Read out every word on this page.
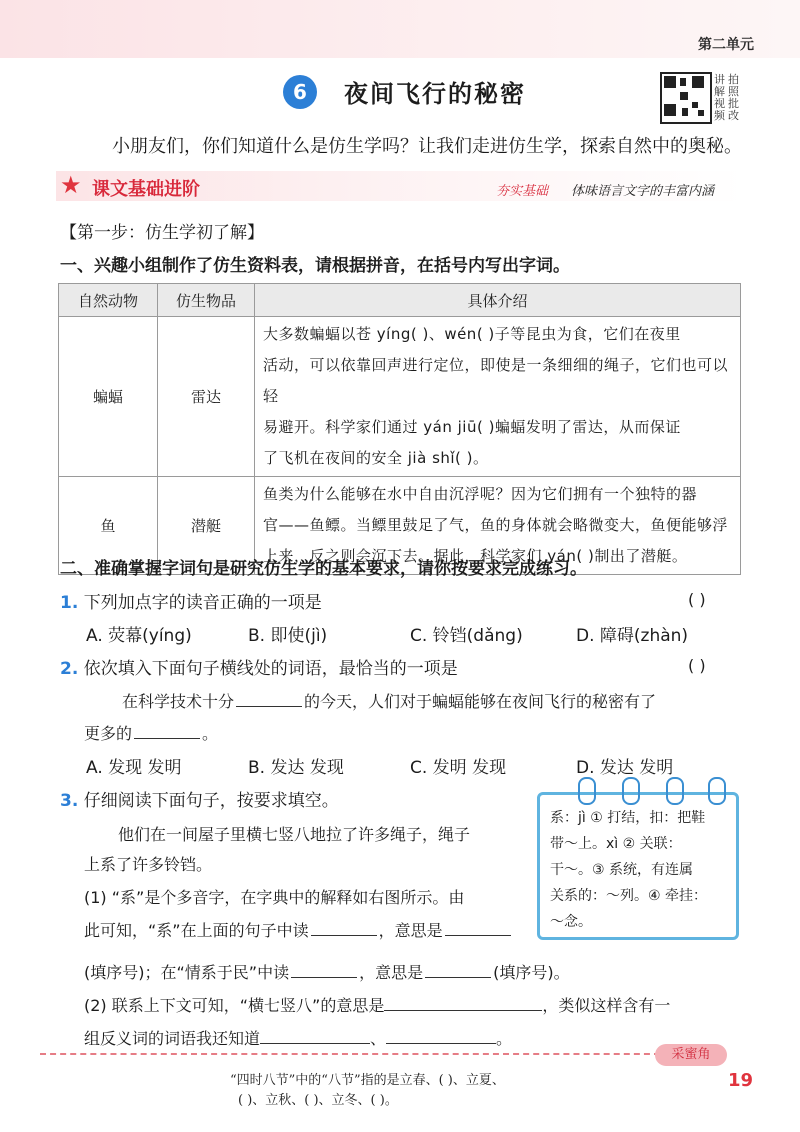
第二单元
6	夜间飞行的秘密
讲解视频
拍照批改
小朋友们，你们知道什么是仿生学吗？让我们走进仿生学，探索自然中的奥秘。
★ 课文基础进阶	夯实基础 体味语言文字的丰富内涵
【第一步：仿生学初了解】
一、兴趣小组制作了仿生资料表，请根据拼音，在括号内写出字词。
自然动物	仿生物品	具体介绍
蝙蝠	雷达	大多数蝙蝠以苍 yíng( )、wén( )子等昆虫为食，它们在夜里
活动，可以依靠回声进行定位，即使是一条细细的绳子，它们也可以轻
易避开。科学家们通过 yán jiū( )蝙蝠发明了雷达，从而保证
了飞机在夜间的安全 jià shǐ( )。

鱼	潜艇	鱼类为什么能够在水中自由沉浮呢？因为它们拥有一个独特的器
官——鱼鳔。当鳔里鼓足了气，鱼的身体就会略微变大，鱼便能够浮
上来，反之则会沉下去。据此，科学家们 yán( )制出了潜艇。
二、准确掌握字词句是研究仿生学的基本要求，请你按要求完成练习。
1. 下列加点字的读音正确的一项是	( )
A. 荧幕(yíng)	B. 即使(jì)	C. 铃铛(dǎng)	D. 障碍(zhàn)
2. 依次填入下面句子横线处的词语，最恰当的一项是	( )
在科学技术十分	的今天，人们对于蝙蝠能够在夜间飞行的秘密有了
更多的	。
A. 发现 发明	B. 发达 发现	C. 发明 发现	D. 发达 发明
3. 仔细阅读下面句子，按要求填空。
他们在一间屋子里横七竖八地拉了许多绳子，绳子
上系了许多铃铛。
(1) “系”是个多音字，在字典中的解释如右图所示。由
此可知，“系”在上面的句子中读	，意思是
(填序号)；在“情系于民”中读	，意思是	(填序号)。
(2) 联系上下文可知，“横七竖八”的意思是	，类似这样含有一
组反义词的词语我还知道	、	。
系：jì ① 打结，扣：把鞋
带～上。xì ② 关联：
干～。③ 系统，有连属
关系的：～列。④ 牵挂：
～念。
采蜜角
“四时八节”中的“八节”指的是立春、( )、立夏、
( )、立秋、( )、立冬、( )。
19
